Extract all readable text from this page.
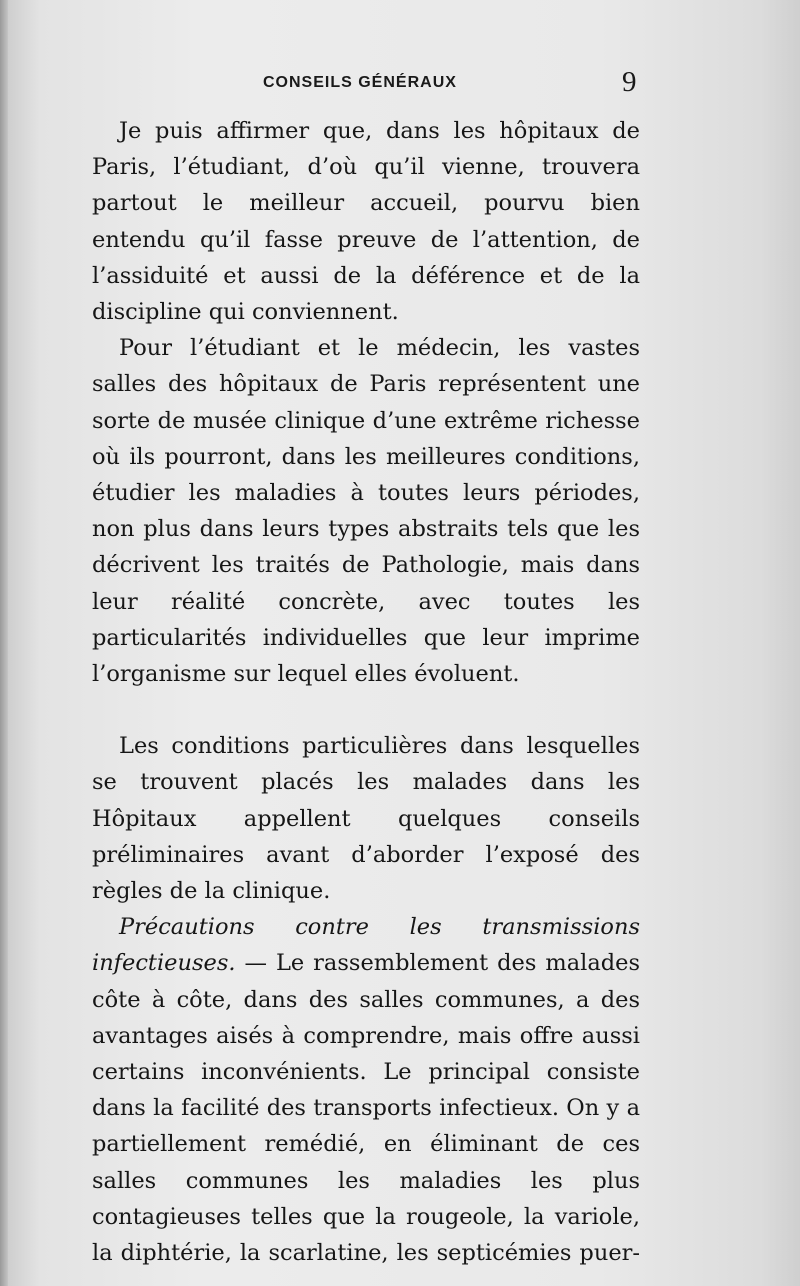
CONSEILS GÉNÉRAUX	9

Je puis affirmer que, dans les hôpitaux de Paris, l’étudiant, d’où qu’il vienne, trouvera partout le meilleur accueil, pourvu bien entendu qu’il fasse preuve de l’attention, de l’assiduité et aussi de la déférence et de la discipline qui conviennent.

Pour l’étudiant et le médecin, les vastes salles des hôpitaux de Paris représentent une sorte de musée clinique d’une extrême richesse où ils pourront, dans les meilleures conditions, étudier les maladies à toutes leurs périodes, non plus dans leurs types abstraits tels que les décrivent les traités de Pathologie, mais dans leur réalité concrète, avec toutes les particularités individuelles que leur imprime l’organisme sur lequel elles évoluent.

Les conditions particulières dans lesquelles se trouvent placés les malades dans les Hôpitaux appellent quelques conseils préliminaires avant d’aborder l’exposé des règles de la clinique.

Précautions contre les transmissions infectieuses. — Le rassemblement des malades côte à côte, dans des salles communes, a des avantages aisés à comprendre, mais offre aussi certains inconvénients. Le principal consiste dans la facilité des transports infectieux. On y a partiellement remédié, en éliminant de ces salles communes les maladies les plus contagieuses telles que la rougeole, la variole, la diphtérie, la scarlatine, les septicémies puer-
